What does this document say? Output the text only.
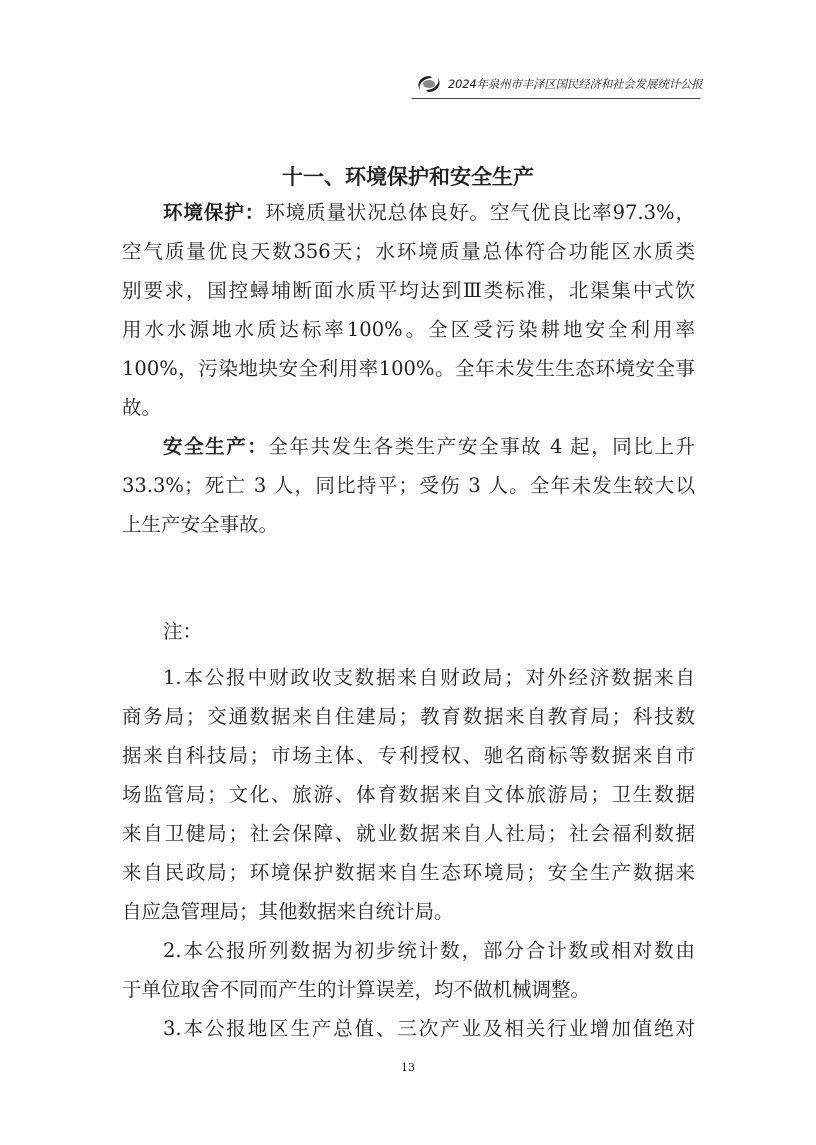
2024年泉州市丰泽区国民经济和社会发展统计公报
十一、环境保护和安全生产
环境保护：环境质量状况总体良好。空气优良比率97.3%，
空气质量优良天数356天；水环境质量总体符合功能区水质类
别要求，国控蟳埔断面水质平均达到Ⅲ类标准，北渠集中式饮
用水水源地水质达标率100%。全区受污染耕地安全利用率
100%，污染地块安全利用率100%。全年未发生生态环境安全事
故。
安全生产：全年共发生各类生产安全事故 4 起，同比上升
33.3%；死亡 3 人，同比持平；受伤 3 人。全年未发生较大以
上生产安全事故。
注：
1.本公报中财政收支数据来自财政局；对外经济数据来自
商务局；交通数据来自住建局；教育数据来自教育局；科技数
据来自科技局；市场主体、专利授权、驰名商标等数据来自市
场监管局；文化、旅游、体育数据来自文体旅游局；卫生数据
来自卫健局；社会保障、就业数据来自人社局；社会福利数据
来自民政局；环境保护数据来自生态环境局；安全生产数据来
自应急管理局；其他数据来自统计局。
2.本公报所列数据为初步统计数，部分合计数或相对数由
于单位取舍不同而产生的计算误差，均不做机械调整。
3.本公报地区生产总值、三次产业及相关行业增加值绝对
13
